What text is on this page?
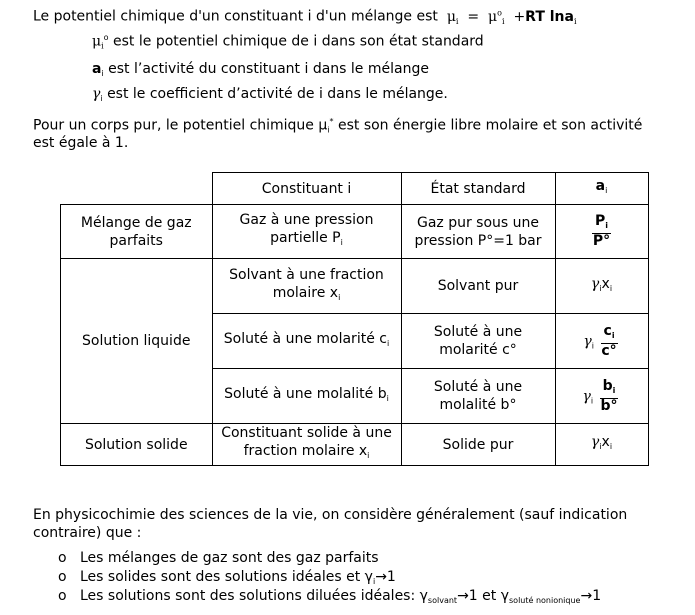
Le potentiel chimique d'un constituant i d'un mélange est $\mu_i = \mu^o_i +RT$ lna$_i$
$\mu_i^o$ est le potentiel chimique de i dans son état standard
$a_i$ est l’activité du constituant i dans le mélange
$\gamma_i$ est le coefficient d’activité de i dans le mélange.
Pour un corps pur, le potentiel chimique $\mu_i^*$ est son énergie libre molaire et son activité
est égale à 1.
	Constituant i	État standard	$a_i$
Mélange de gaz parfaits	Gaz à une pression partielle $P_i$	Gaz pur sous une pression P°=1 bar	$\frac{P_i}{P^\circ}$

Solution liquide	Solvant à une fraction molaire $x_i$	Solvant pur	$\gamma_ix_i$
	Soluté à une molarité $c_i$	Soluté à une molarité c°	$\gamma_i \frac{c_i}{c^\circ}$

	Soluté à une molalité $b_i$	Soluté à une molalité b°	$\gamma_i \frac{b_i}{b^\circ}$

Solution solide	Constituant solide à une fraction molaire $x_i$	Solide pur	$\gamma_ix_i$
En physicochimie des sciences de la vie, on considère généralement (sauf indication
contraire) que :
o Les mélanges de gaz sont des gaz parfaits
o Les solides sont des solutions idéales et $\gamma_i\to 1$
o Les solutions sont des solutions diluées idéales: $\gamma_{solvant}\to 1$ et $\gamma_{soluté nonionique}\to 1$
